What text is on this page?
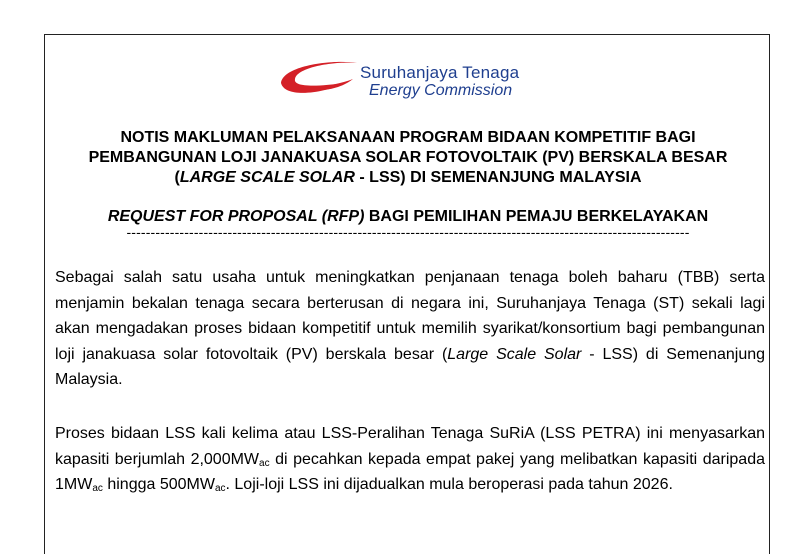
Suruhanjaya Tenaga
Energy Commission
NOTIS MAKLUMAN PELAKSANAAN PROGRAM BIDAAN KOMPETITIF BAGI
PEMBANGUNAN LOJI JANAKUASA SOLAR FOTOVOLTAIK (PV) BERSKALA BESAR
(LARGE SCALE SOLAR - LSS) DI SEMENANJUNG MALAYSIA
REQUEST FOR PROPOSAL (RFP) BAGI PEMILIHAN PEMAJU BERKELAYAKAN
---------------------------------------------------------------------------------------------------------------------
Sebagai salah satu usaha untuk meningkatkan penjanaan tenaga boleh baharu (TBB) serta menjamin bekalan tenaga secara berterusan di negara ini, Suruhanjaya Tenaga (ST) sekali lagi akan mengadakan proses bidaan kompetitif untuk memilih syarikat/konsortium bagi pembangunan loji janakuasa solar fotovoltaik (PV) berskala besar (Large Scale Solar - LSS) di Semenanjung Malaysia.
Proses bidaan LSS kali kelima atau LSS-Peralihan Tenaga SuRiA (LSS PETRA) ini menyasarkan kapasiti berjumlah $2,000MW_{ac}$ di pecahkan kepada empat pakej yang melibatkan kapasiti daripada $1MW_{ac}$ hingga $500MW_{ac}$. Loji-loji LSS ini dijadualkan mula beroperasi pada tahun 2026.
